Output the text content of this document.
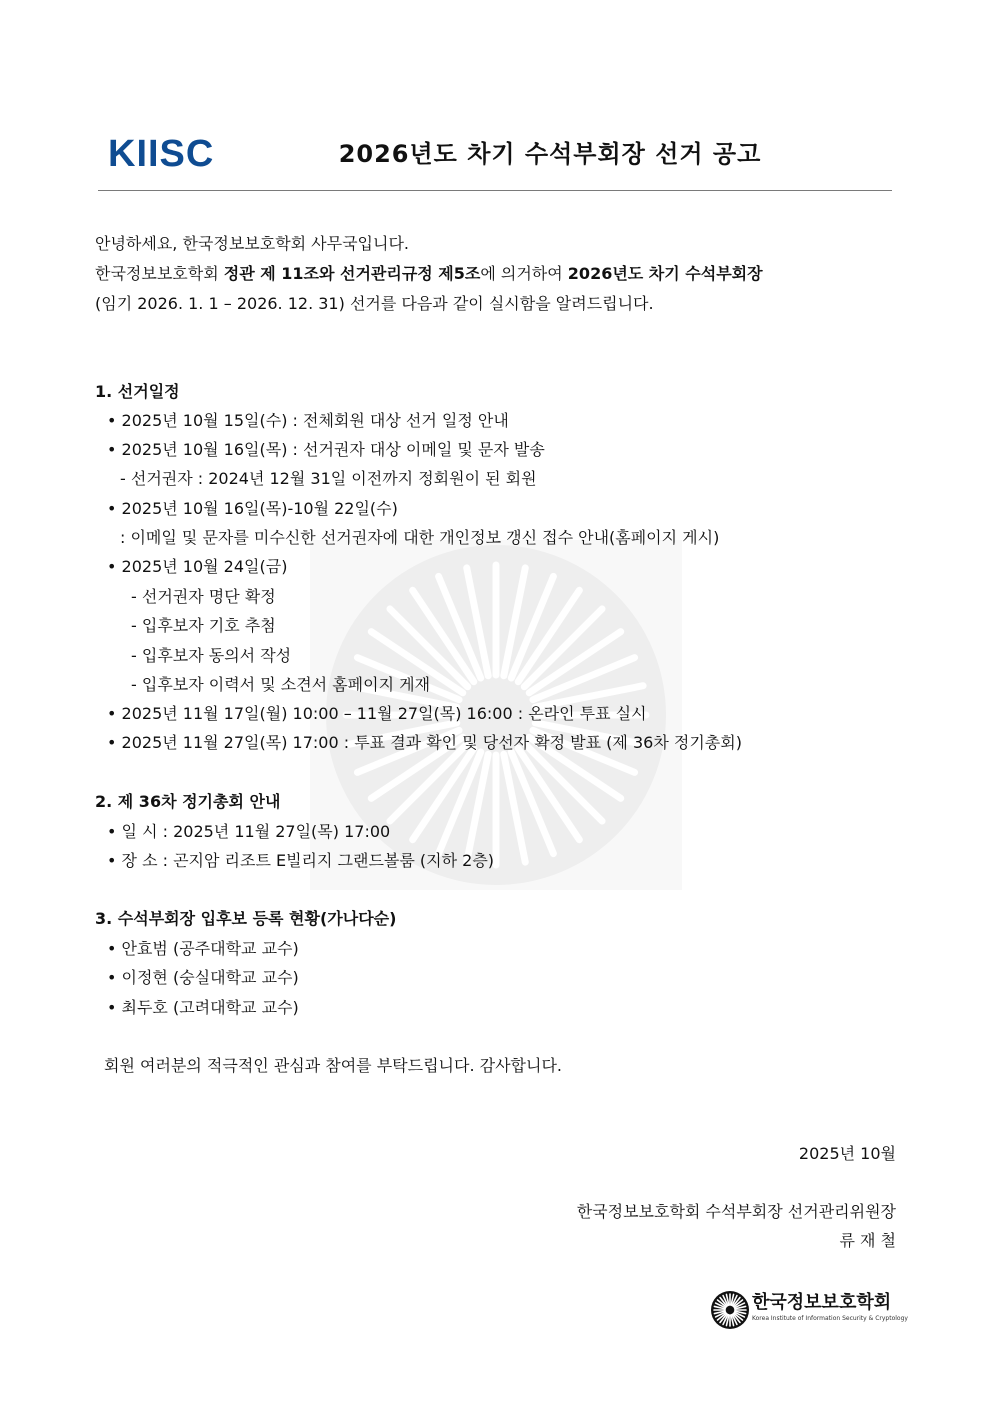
KIISC	2026년도 차기 수석부회장 선거 공고
안녕하세요, 한국정보보호학회 사무국입니다.
한국정보보호학회 정관 제 11조와 선거관리규정 제5조에 의거하여 2026년도 차기 수석부회장
(임기 2026. 1. 1 – 2026. 12. 31) 선거를 다음과 같이 실시함을 알려드립니다.
1. 선거일정
• 2025년 10월 15일(수) : 전체회원 대상 선거 일정 안내
• 2025년 10월 16일(목) : 선거권자 대상 이메일 및 문자 발송
- 선거권자 : 2024년 12월 31일 이전까지 정회원이 된 회원
• 2025년 10월 16일(목)-10월 22일(수)
: 이메일 및 문자를 미수신한 선거권자에 대한 개인정보 갱신 접수 안내(홈페이지 게시)
• 2025년 10월 24일(금)
- 선거권자 명단 확정
- 입후보자 기호 추첨
- 입후보자 동의서 작성
- 입후보자 이력서 및 소견서 홈페이지 게재
• 2025년 11월 17일(월) 10:00 – 11월 27일(목) 16:00 : 온라인 투표 실시
• 2025년 11월 27일(목) 17:00 : 투표 결과 확인 및 당선자 확정 발표 (제 36차 정기총회)
2. 제 36차 정기총회 안내
• 일 시 : 2025년 11월 27일(목) 17:00
• 장 소 : 곤지암 리조트 E빌리지 그랜드볼룸 (지하 2층)
3. 수석부회장 입후보 등록 현황(가나다순)
• 안효범 (공주대학교 교수)
• 이정현 (숭실대학교 교수)
• 최두호 (고려대학교 교수)
회원 여러분의 적극적인 관심과 참여를 부탁드립니다. 감사합니다.
2025년 10월
한국정보보호학회 수석부회장 선거관리위원장
류 재 철
한국정보보호학회
Korea Institute of Information Security & Cryptology
